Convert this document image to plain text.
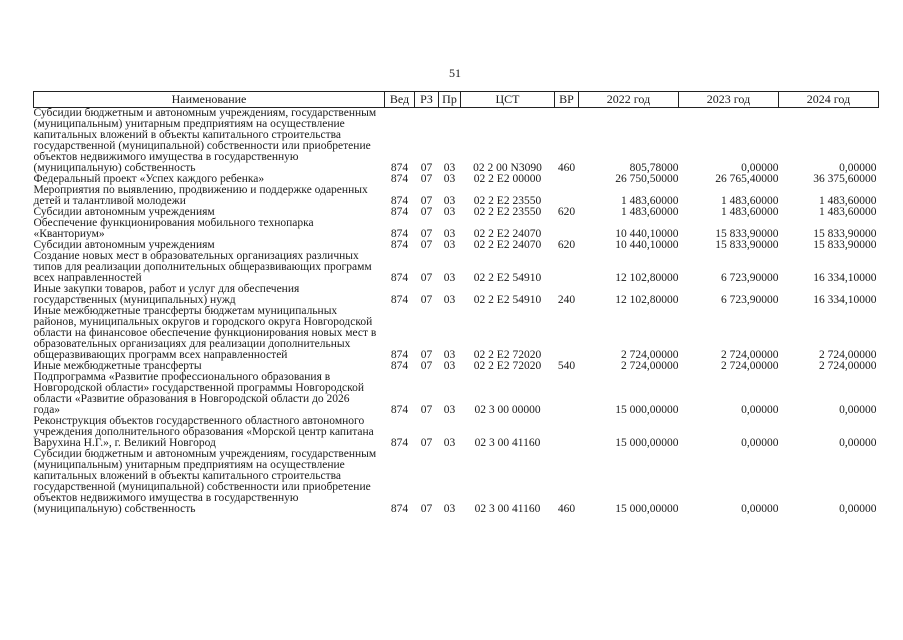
51
Наименование	Вед	РЗ	Пр	ЦСТ	ВР	2022 год	2023 год	2024 год
Субсидии бюджетным и автономным учреждениям, государственным (муниципальным) унитарным предприятиям на осуществление капитальных вложений в объекты капитального строительства государственной (муниципальной) собственности или приобретение объектов недвижимого имущества в государственную (муниципальную) собственность	874	07	03	02 2 00 N3090	460	805,78000	0,00000	0,00000
Федеральный проект «Успех каждого ребенка»	874	07	03	02 2 E2 00000		26 750,50000	26 765,40000	36 375,60000
Мероприятия по выявлению, продвижению и поддержке одаренных детей и талантливой молодежи	874	07	03	02 2 E2 23550		1 483,60000	1 483,60000	1 483,60000
Субсидии автономным учреждениям	874	07	03	02 2 E2 23550	620	1 483,60000	1 483,60000	1 483,60000
Обеспечение функционирования мобильного технопарка «Кванториум»	874	07	03	02 2 E2 24070		10 440,10000	15 833,90000	15 833,90000
Субсидии автономным учреждениям	874	07	03	02 2 E2 24070	620	10 440,10000	15 833,90000	15 833,90000
Создание новых мест в образовательных организациях различных типов для реализации дополнительных общеразвивающих программ всех направленностей	874	07	03	02 2 E2 54910		12 102,80000	6 723,90000	16 334,10000
Иные закупки товаров, работ и услуг для обеспечения государственных (муниципальных) нужд	874	07	03	02 2 E2 54910	240	12 102,80000	6 723,90000	16 334,10000
Иные межбюджетные трансферты бюджетам муниципальных районов, муниципальных округов и городского округа Новгородской области на финансовое обеспечение функционирования новых мест в образовательных организациях для реализации дополнительных общеразвивающих программ всех направленностей	874	07	03	02 2 E2 72020		2 724,00000	2 724,00000	2 724,00000
Иные межбюджетные трансферты	874	07	03	02 2 E2 72020	540	2 724,00000	2 724,00000	2 724,00000
Подпрограмма «Развитие профессионального образования в Новгородской области» государственной программы Новгородской области «Развитие образования в Новгородской области до 2026 года»	874	07	03	02 3 00 00000		15 000,00000	0,00000	0,00000
Реконструкция объектов государственного областного автономного учреждения дополнительного образования «Морской центр капитана Варухина Н.Г.», г. Великий Новгород	874	07	03	02 3 00 41160		15 000,00000	0,00000	0,00000
Субсидии бюджетным и автономным учреждениям, государственным (муниципальным) унитарным предприятиям на осуществление капитальных вложений в объекты капитального строительства государственной (муниципальной) собственности или приобретение объектов недвижимого имущества в государственную (муниципальную) собственность	874	07	03	02 3 00 41160	460	15 000,00000	0,00000	0,00000
